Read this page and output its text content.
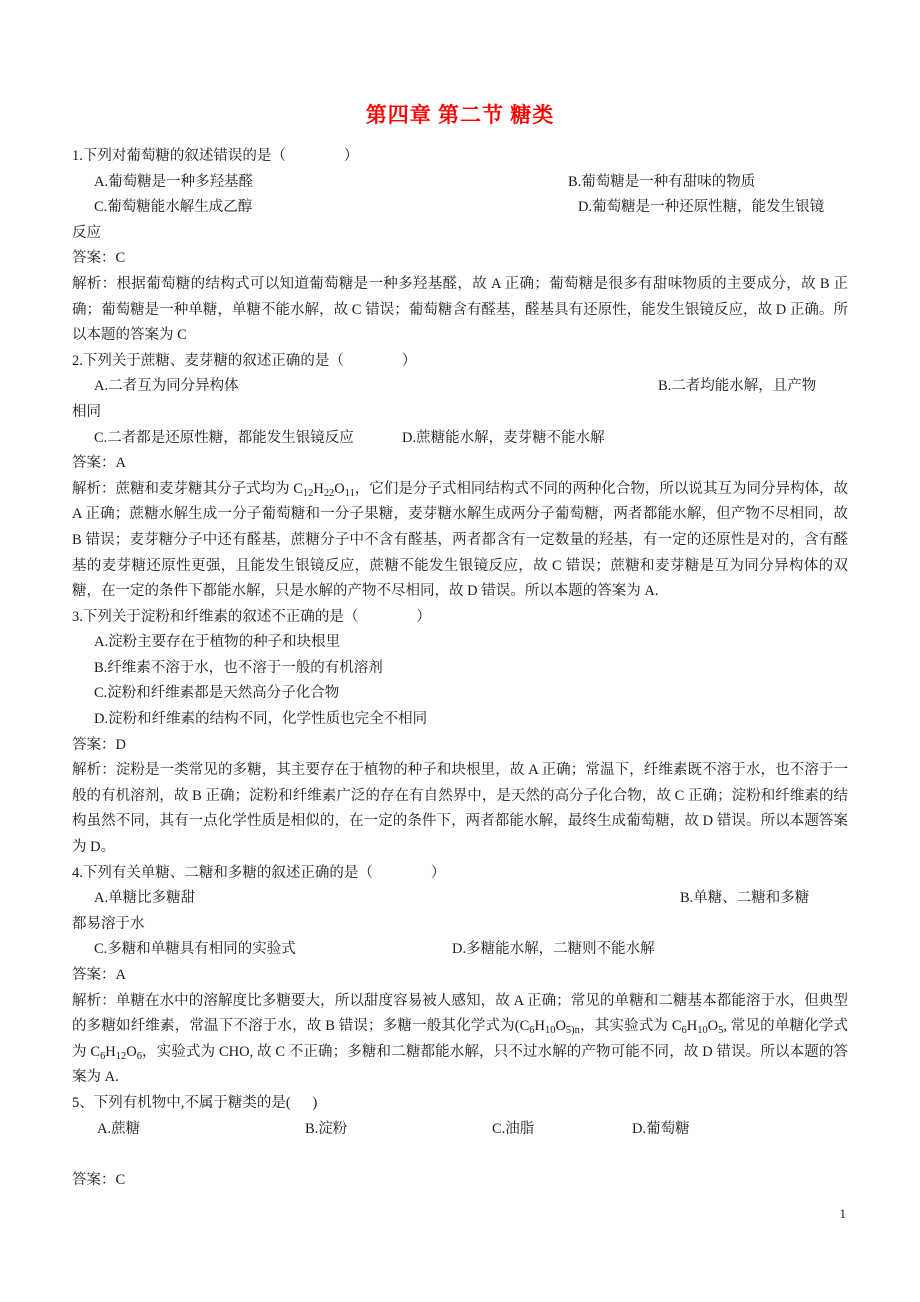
第四章 第二节 糖类
1.下列对葡萄糖的叙述错误的是（                ）

A.葡萄糖是一种多羟基醛

	B.葡萄糖是一种有甜味的物质

C.葡萄糖能水解生成乙醇

	D.葡萄糖是一种还原性糖，能发生银镜

反应
答案：C
解析：根据葡萄糖的结构式可以知道葡萄糖是一种多羟基醛，故 A 正确；葡萄糖是很多有甜味物质的主要成分，故 B 正确；葡萄糖是一种单糖，单糖不能水解，故 C 错误；葡萄糖含有醛基，醛基具有还原性，能发生银镜反应，故 D 正确。所以本题的答案为 C
2.下列关于蔗糖、麦芽糖的叙述正确的是（                ）

A.二者互为同分异构体

	B.二者均能水解，且产物

相同

C.二者都是还原性糖，都能发生银镜反应

	D.蔗糖能水解，麦芽糖不能水解

答案：A
解析：蔗糖和麦芽糖其分子式均为 $C_{12}H_{22}O_{11}$，它们是分子式相同结构式不同的两种化合物，所以说其互为同分异构体，故 A 正确；蔗糖水解生成一分子葡萄糖和一分子果糖，麦芽糖水解生成两分子葡萄糖，两者都能水解，但产物不尽相同，故 B 错误；麦芽糖分子中还有醛基，蔗糖分子中不含有醛基，两者都含有一定数量的羟基，有一定的还原性是对的，含有醛基的麦芽糖还原性更强，且能发生银镜反应，蔗糖不能发生银镜反应，故 C 错误；蔗糖和麦芽糖是互为同分异构体的双糖，在一定的条件下都能水解，只是水解的产物不尽相同，故 D 错误。所以本题的答案为 A.
3.下列关于淀粉和纤维素的叙述不正确的是（                ）
A.淀粉主要存在于植物的种子和块根里
B.纤维素不溶于水，也不溶于一般的有机溶剂
C.淀粉和纤维素都是天然高分子化合物
D.淀粉和纤维素的结构不同，化学性质也完全不相同
答案：D
解析：淀粉是一类常见的多糖，其主要存在于植物的种子和块根里，故 A 正确；常温下，纤维素既不溶于水，也不溶于一般的有机溶剂，故 B 正确；淀粉和纤维素广泛的存在有自然界中，是天然的高分子化合物，故 C 正确；淀粉和纤维素的结构虽然不同，其有一点化学性质是相似的，在一定的条件下，两者都能水解，最终生成葡萄糖，故 D 错误。所以本题答案为 D。
4.下列有关单糖、二糖和多糖的叙述正确的是（                ）

A.单糖比多糖甜

	B.单糖、二糖和多糖

都易溶于水

C.多糖和单糖具有相同的实验式

	D.多糖能水解，二糖则不能水解

答案：A
解析：单糖在水中的溶解度比多糖要大，所以甜度容易被人感知，故 A 正确；常见的单糖和二糖基本都能溶于水，但典型的多糖如纤维素，常温下不溶于水，故 B 错误；多糖一般其化学式为($C_6H_{10}O_{5)n}$，其实验式为 $C_6H_{10}O_5$, 常见的单糖化学式为 $C_6H_{12}O_6$，实验式为 CHO, 故 C 不正确；多糖和二糖都能水解，只不过水解的产物可能不同，故 D 错误。所以本题的答案为 A.
5、下列有机物中,不属于糖类的是(      )

A.蔗糖

	B.淀粉

	C.油脂

	D.葡萄糖

答案：C
1
